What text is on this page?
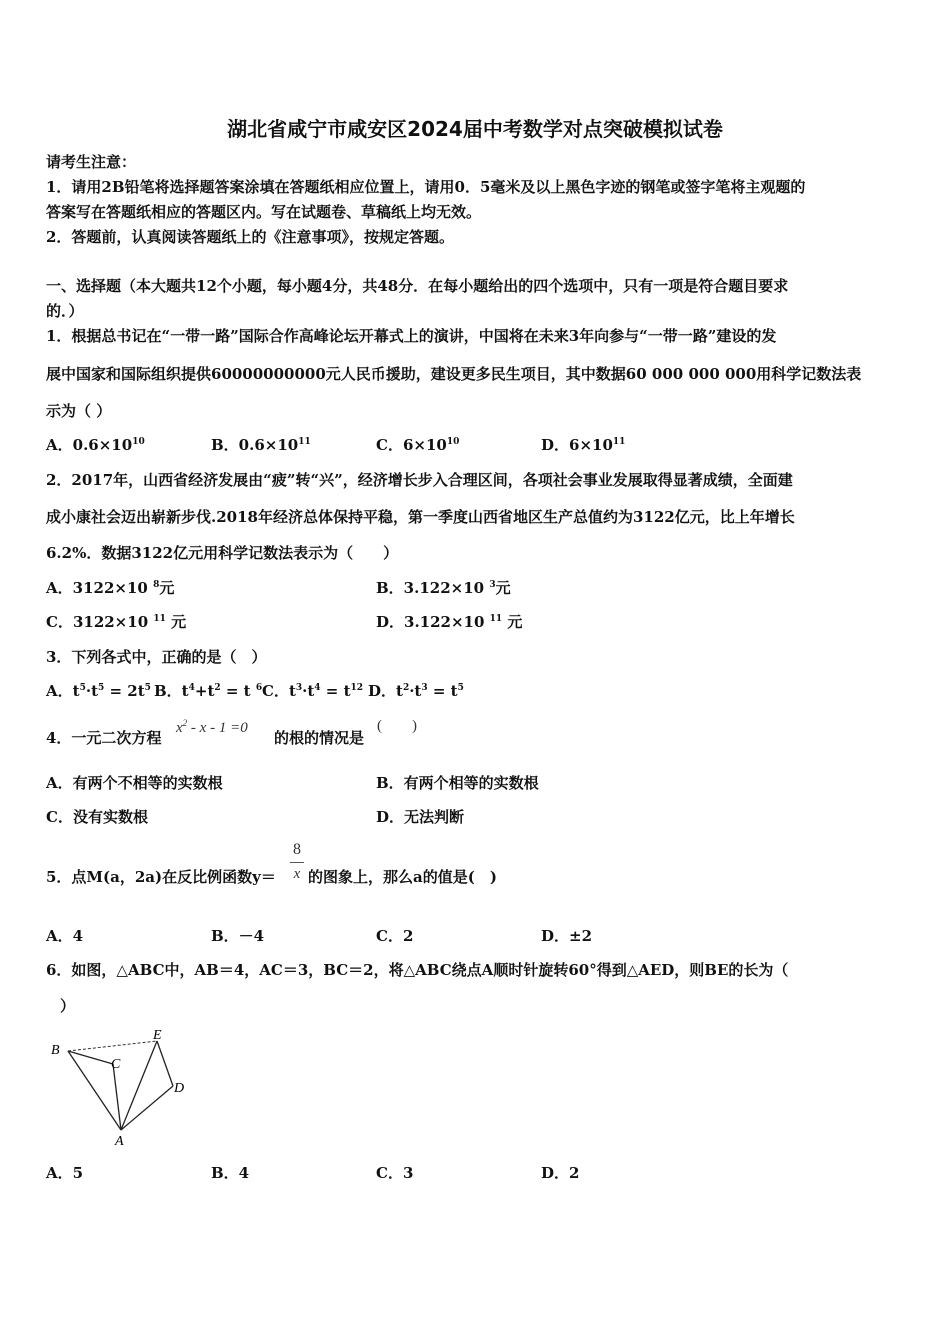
湖北省咸宁市咸安区2024届中考数学对点突破模拟试卷
请考生注意：
1．请用2B铅笔将选择题答案涂填在答题纸相应位置上，请用0．5毫米及以上黑色字迹的钢笔或签字笔将主观题的
答案写在答题纸相应的答题区内。写在试题卷、草稿纸上均无效。
2．答题前，认真阅读答题纸上的《注意事项》，按规定答题。
一、选择题（本大题共12个小题，每小题4分，共48分．在每小题给出的四个选项中，只有一项是符合题目要求
的．）
1．根据总书记在“一带一路”国际合作高峰论坛开幕式上的演讲，中国将在未来3年向参与“一带一路”建设的发
展中国家和国际组织提供60000000000元人民币援助，建设更多民生项目，其中数据60 000 000 000用科学记数法表
示为（ ）
A．$0.6\times 10^{10}$	B．$0.6\times 10^{11}$	C．$6\times 10^{10}$	D．$6\times 10^{11}$
2．2017年，山西省经济发展由“疲”转“兴”，经济增长步入合理区间，各项社会事业发展取得显著成绩，全面建
成小康社会迈出崭新步伐.2018年经济总体保持平稳，第一季度山西省地区生产总值约为3122亿元，比上年增长
6.2%．数据3122亿元用科学记数法表示为（　　）
A．3122×10 $^8$元	B．3.122×10 $^3$元
C．3122×10 $^{11}$ 元	D．3.122×10 $^{11}$ 元
3．下列各式中，正确的是（　）
A．$t^5\cdot t^5 = 2t^5$ B．$t^4+t^2 = t$ $^6$ C．$t^3\cdot t^4 = t^{12}$ D．$t^2\cdot t^3 = t^5$
4．一元二次方程
$x^2 - x - 1 =0$
的根的情况是
(　　)
A．有两个不相等的实数根	B．有两个相等的实数根
C．没有实数根	D．无法判断
5．点M(a，2a)在反比例函数y＝
8
x 的图象上，那么a的值是(　)
A．4	B．－4	C．2	D．±2
6．如图，△ABC中，AB＝4，AC＝3，BC＝2，将△ABC绕点A顺时针旋转60°得到△AED，则BE的长为（
）
B
C
E
D
A
A．5	B．4	C．3	D．2
